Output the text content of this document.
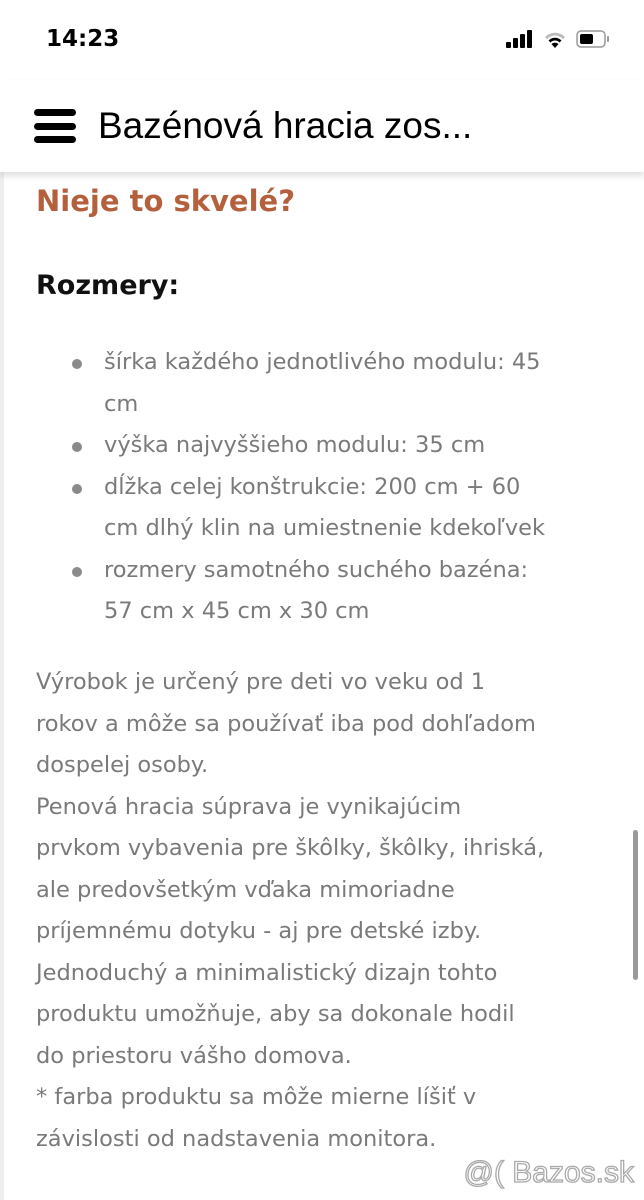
14:23
Bazénová hracia zos...
Nieje to skvelé?
Rozmery:
šírka každého jednotlivého modulu: 45
cm
výška najvyššieho modulu: 35 cm
dĺžka celej konštrukcie: 200 cm + 60
cm dlhý klin na umiestnenie kdekoľvek
rozmery samotného suchého bazéna:
57 cm x 45 cm x 30 cm
Výrobok je určený pre deti vo veku od 1
rokov a môže sa používať iba pod dohľadom
dospelej osoby.
Penová hracia súprava je vynikajúcim
prvkom vybavenia pre škôlky, škôlky, ihriská,
ale predovšetkým vďaka mimoriadne
príjemnému dotyku - aj pre detské izby.
Jednoduchý a minimalistický dizajn tohto
produktu umožňuje, aby sa dokonale hodil
do priestoru vášho domova.
* farba produktu sa môže mierne líšiť v
závislosti od nadstavenia monitora.
@( Bazos.sk
